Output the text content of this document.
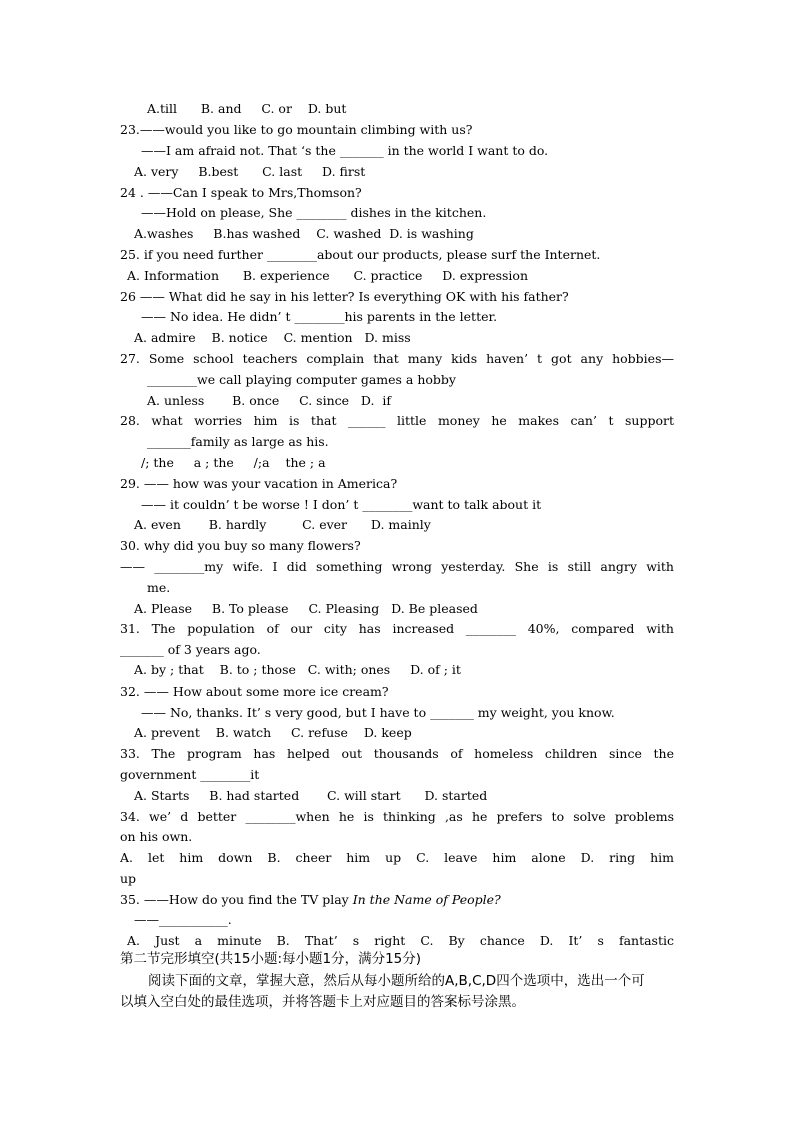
A.till      B. and     C. or    D. but
23.——would you like to go mountain climbing with us?
——I am afraid not. That ‘s the _______ in the world I want to do.
A. very     B.best      C. last     D. first
24 . ——Can I speak to Mrs,Thomson?
——Hold on please, She ________ dishes in the kitchen.
A.washes     B.has washed    C. washed  D. is washing
25. if you need further ________about our products, please surf the Internet.
A. Information      B. experience      C. practice     D. expression
26 —— What did he say in his letter? Is everything OK with his father?
—— No idea. He didn’ t ________his parents in the letter.
A. admire    B. notice    C. mention   D. miss
27. Some school teachers complain that many kids haven’ t got any hobbies—
________we call playing computer games a hobby
A. unless       B. once     C. since   D.  if
28. what worries him is that ______ little money he makes can’ t support
_______family as large as his.
/; the     a ; the     /;a    the ; a
29. —— how was your vacation in America?
—— it couldn’ t be worse ! I don’ t ________want to talk about it
A. even       B. hardly         C. ever      D. mainly
30. why did you buy so many flowers?
—— ________my wife. I did something wrong yesterday. She is still angry with
me.
A. Please     B. To please     C. Pleasing   D. Be pleased
31. The population of our city has increased ________ 40%, compared with
_______ of 3 years ago.
A. by ; that    B. to ; those   C. with; ones     D. of ; it
32. —— How about some more ice cream?
—— No, thanks. It’ s very good, but I have to _______ my weight, you know.
A. prevent    B. watch     C. refuse    D. keep
33. The program has helped out thousands of homeless children since the
government ________it
A. Starts     B. had started       C. will start      D. started
34. we’ d better ________when he is thinking ,as he prefers to solve problems
on his own.
A. let him down B. cheer him up C. leave him alone D. ring him
up
35. ——How do you find the TV play In the Name of People?
——___________.
A. Just a minute B. That’ s right C. By chance D. It’ s fantastic
第二节完形填空(共15小题:每小题1分，满分15分)
阅读下面的文章，掌握大意，然后从每小题所给的A,B,C,D四个选项中，选出一个可
以填入空白处的最佳选项，并将答题卡上对应题目的答案标号涂黑。
